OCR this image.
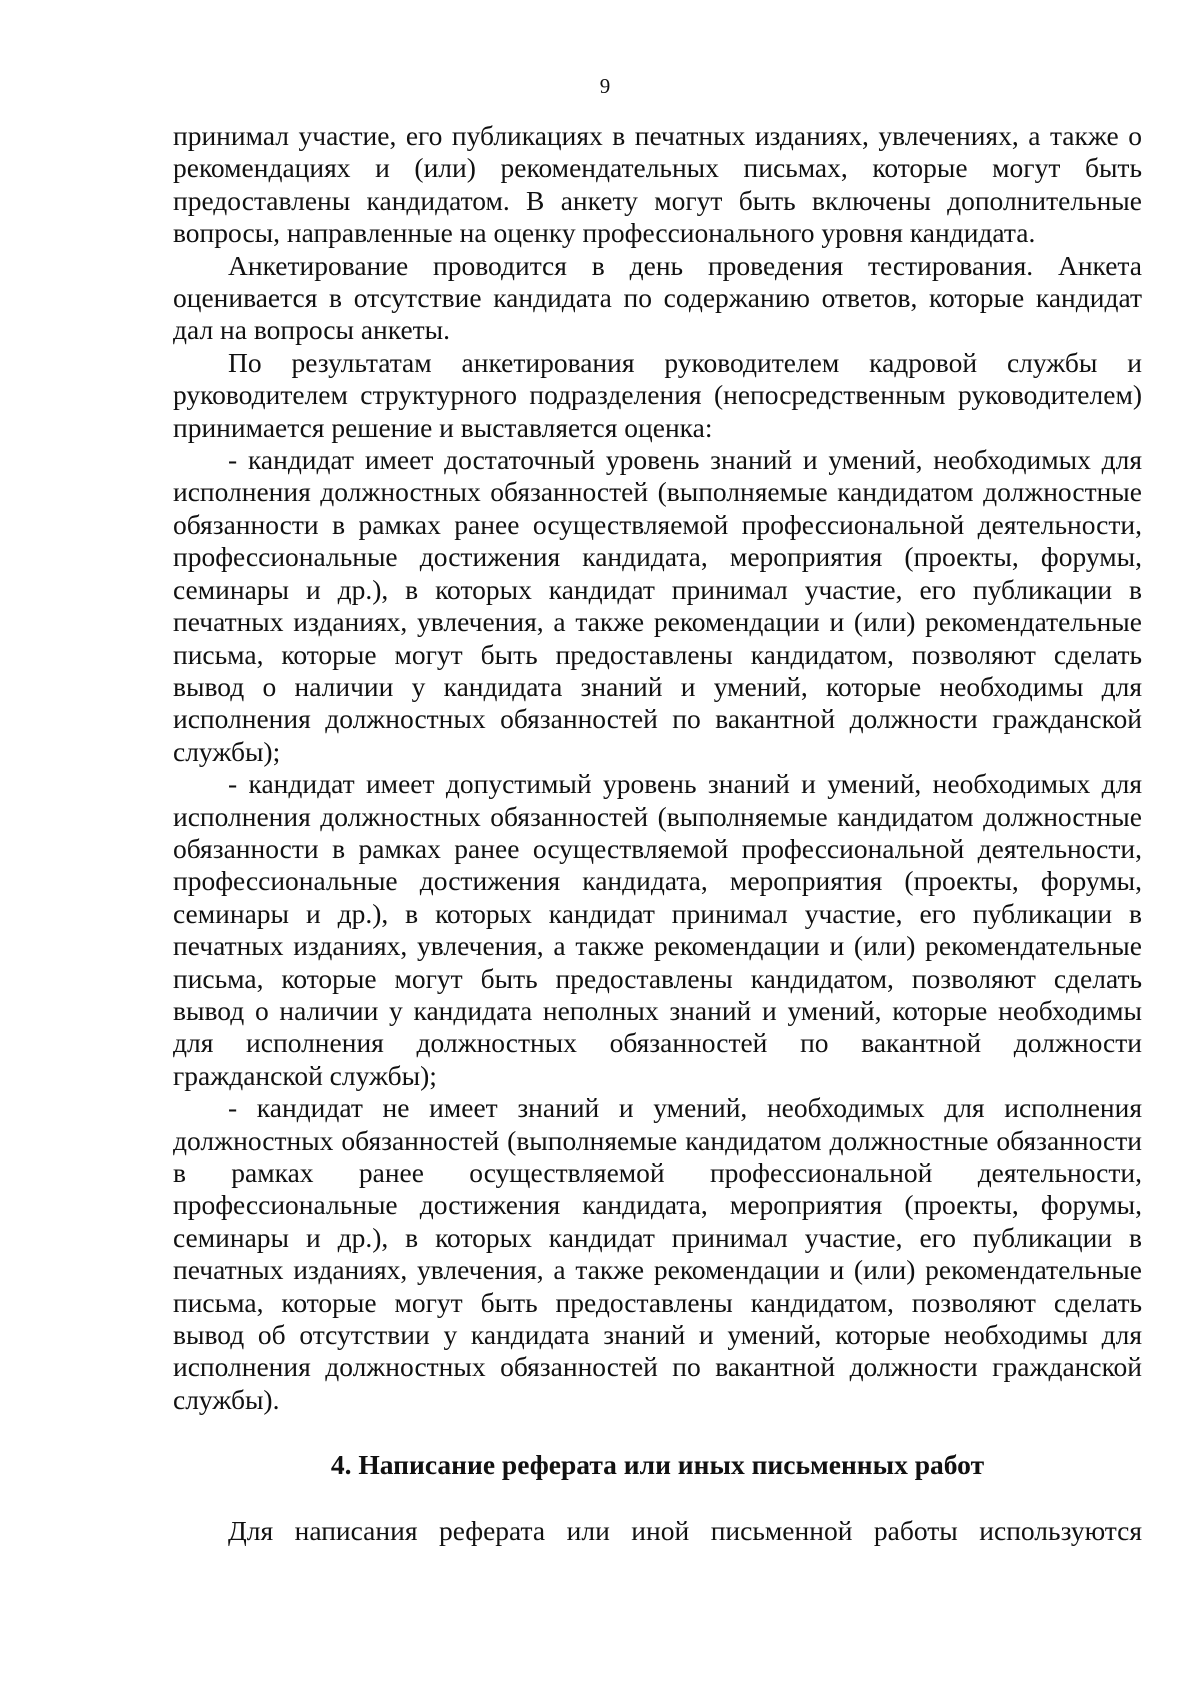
9

принимал участие, его публикациях в печатных изданиях, увлечениях, а также о рекомендациях и (или) рекомендательных письмах, которые могут быть предоставлены кандидатом. В анкету могут быть включены дополнительные вопросы, направленные на оценку профессионального уровня кандидата.

Анкетирование проводится в день проведения тестирования. Анкета оценивается в отсутствие кандидата по содержанию ответов, которые кандидат дал на вопросы анкеты.

По результатам анкетирования руководителем кадровой службы и руководителем структурного подразделения (непосредственным руководителем) принимается решение и выставляется оценка:

- кандидат имеет достаточный уровень знаний и умений, необходимых для исполнения должностных обязанностей (выполняемые кандидатом должностные обязанности в рамках ранее осуществляемой профессиональной деятельности, профессиональные достижения кандидата, мероприятия (проекты, форумы, семинары и др.), в которых кандидат принимал участие, его публикации в печатных изданиях, увлечения, а также рекомендации и (или) рекомендательные письма, которые могут быть предоставлены кандидатом, позволяют сделать вывод о наличии у кандидата знаний и умений, которые необходимы для исполнения должностных обязанностей по вакантной должности гражданской службы);

- кандидат имеет допустимый уровень знаний и умений, необходимых для исполнения должностных обязанностей (выполняемые кандидатом должностные обязанности в рамках ранее осуществляемой профессиональной деятельности, профессиональные достижения кандидата, мероприятия (проекты, форумы, семинары и др.), в которых кандидат принимал участие, его публикации в печатных изданиях, увлечения, а также рекомендации и (или) рекомендательные письма, которые могут быть предоставлены кандидатом, позволяют сделать вывод о наличии у кандидата неполных знаний и умений, которые необходимы для исполнения должностных обязанностей по вакантной должности гражданской службы);

- кандидат не имеет знаний и умений, необходимых для исполнения должностных обязанностей (выполняемые кандидатом должностные обязанности в рамках ранее осуществляемой профессиональной деятельности, профессиональные достижения кандидата, мероприятия (проекты, форумы, семинары и др.), в которых кандидат принимал участие, его публикации в печатных изданиях, увлечения, а также рекомендации и (или) рекомендательные письма, которые могут быть предоставлены кандидатом, позволяют сделать вывод об отсутствии у кандидата знаний и умений, которые необходимы для исполнения должностных обязанностей по вакантной должности гражданской службы).

4. Написание реферата или иных письменных работ

Для написания реферата или иной письменной работы используются
